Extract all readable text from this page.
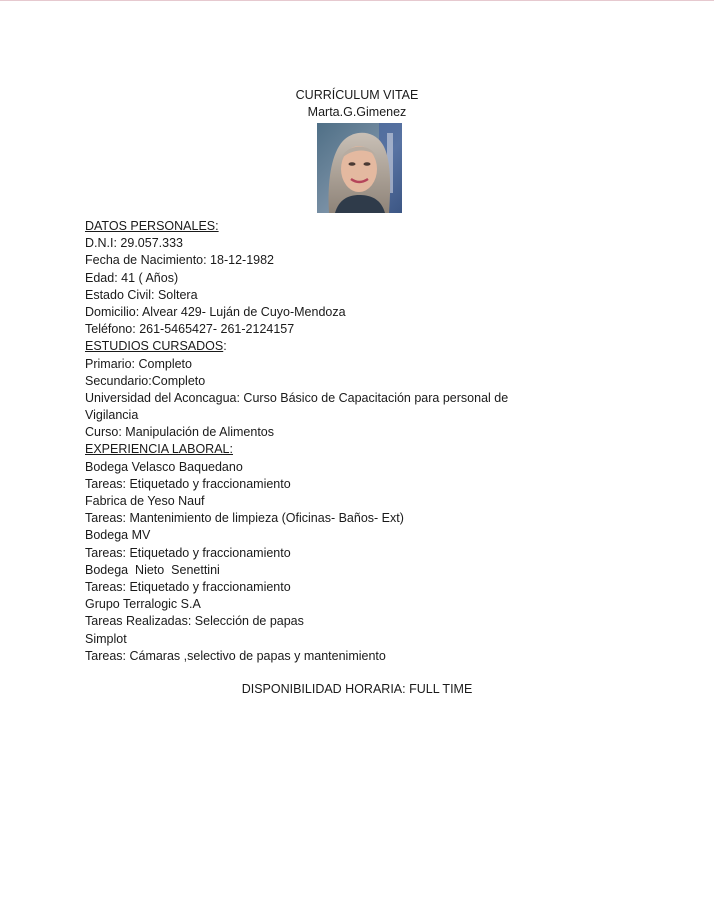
CURRÍCULUM VITAE
Marta.G.Gimenez
DATOS PERSONALES:
D.N.I: 29.057.333
Fecha de Nacimiento: 18-12-1982
Edad: 41 ( Años)
Estado Civil: Soltera
Domicilio: Alvear 429- Luján de Cuyo-Mendoza
Teléfono: 261-5465427- 261-2124157
ESTUDIOS CURSADOS:
Primario: Completo
Secundario:Completo
Universidad del Aconcagua: Curso Básico de Capacitación para personal de Vigilancia
Curso: Manipulación de Alimentos
EXPERIENCIA LABORAL:
Bodega Velasco Baquedano
Tareas: Etiquetado y fraccionamiento
Fabrica de Yeso Nauf
Tareas: Mantenimiento de limpieza (Oficinas- Baños- Ext)
Bodega MV
Tareas: Etiquetado y fraccionamiento
Bodega  Nieto  Senettini
Tareas: Etiquetado y fraccionamiento
Grupo Terralogic S.A
Tareas Realizadas: Selección de papas
Simplot
Tareas: Cámaras ,selectivo de papas y mantenimiento
DISPONIBILIDAD HORARIA: FULL TIME
